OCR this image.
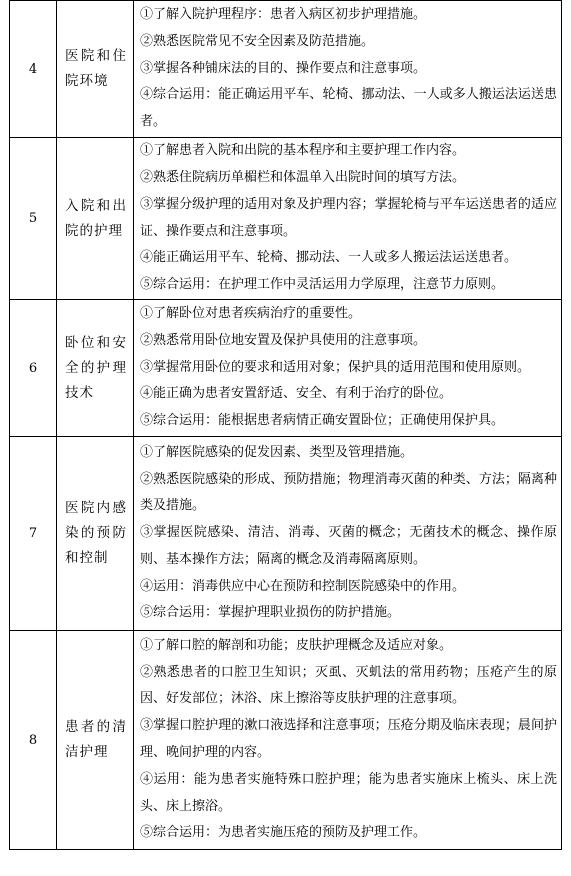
4	医院和住院环境	①了解入院护理程序：患者入病区初步护理措施。

②熟悉医院常见不安全因素及防范措施。

③掌握各种铺床法的目的、操作要点和注意事项。

④综合运用：能正确运用平车、轮椅、挪动法、一人或多人搬运法运送患者。

5	入院和出院的护理	①了解患者入院和出院的基本程序和主要护理工作内容。

②熟悉住院病历单楣栏和体温单入出院时间的填写方法。

③掌握分级护理的适用对象及护理内容；掌握轮椅与平车运送患者的适应证、操作要点和注意事项。

④能正确运用平车、轮椅、挪动法、一人或多人搬运法运送患者。

⑤综合运用：在护理工作中灵活运用力学原理，注意节力原则。

6	卧位和安全的护理技术	①了解卧位对患者疾病治疗的重要性。

②熟悉常用卧位地安置及保护具使用的注意事项。

③掌握常用卧位的要求和适用对象；保护具的适用范围和使用原则。

④能正确为患者安置舒适、安全、有利于治疗的卧位。

⑤综合运用：能根据患者病情正确安置卧位；正确使用保护具。

7	医院内感染的预防和控制	①了解医院感染的促发因素、类型及管理措施。

②熟悉医院感染的形成、预防措施；物理消毒灭菌的种类、方法；隔离种类及措施。

③掌握医院感染、清洁、消毒、灭菌的概念；无菌技术的概念、操作原则、基本操作方法；隔离的概念及消毒隔离原则。

④运用：消毒供应中心在预防和控制医院感染中的作用。

⑤综合运用：掌握护理职业损伤的防护措施。

8	患者的清洁护理	①了解口腔的解剖和功能；皮肤护理概念及适应对象。

②熟悉患者的口腔卫生知识；灭虱、灭虮法的常用药物；压疮产生的原因、好发部位；沐浴、床上擦浴等皮肤护理的注意事项。

③掌握口腔护理的漱口液选择和注意事项；压疮分期及临床表现；晨间护理、晚间护理的内容。

④运用：能为患者实施特殊口腔护理；能为患者实施床上梳头、床上洗头、床上擦浴。

⑤综合运用：为患者实施压疮的预防及护理工作。
